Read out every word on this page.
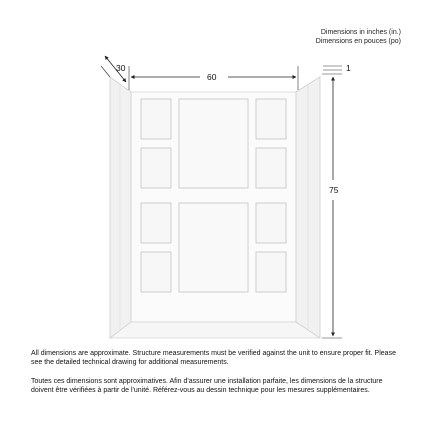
Dimensions in inches (in.)
Dimensions en pouces (po)
30
60
75
1

All dimensions are approximate. Structure measurements must be verified against the unit to ensure proper fit. Please see the detailed technical drawing for additional measurements.

Toutes ces dimensions sont approximatives. Afin d'assurer une installation parfaite, les dimensions de la structure doivent être vérifiées à partir de l'unité. Référez-vous au dessin technique pour les mesures supplémentaires.
